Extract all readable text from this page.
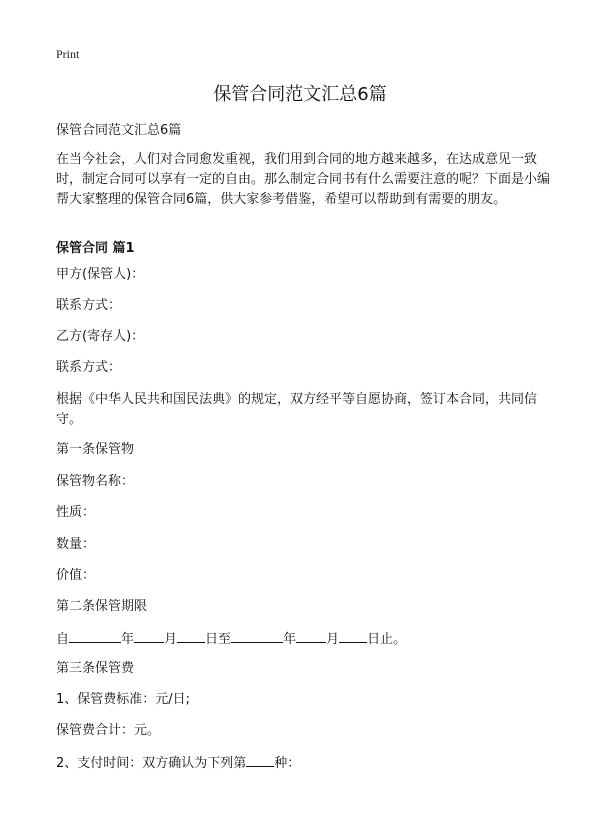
Print
保管合同范文汇总6篇
保管合同范文汇总6篇
在当今社会，人们对合同愈发重视，我们用到合同的地方越来越多，在达成意见一致时，制定合同可以享有一定的自由。那么制定合同书有什么需要注意的呢？下面是小编帮大家整理的保管合同6篇，供大家参考借鉴，希望可以帮助到有需要的朋友。
保管合同 篇1
甲方(保管人)：
联系方式：
乙方(寄存人)：
联系方式：
根据《中华人民共和国民法典》的规定，双方经平等自愿协商，签订本合同，共同信守。
第一条保管物
保管物名称：
性质：
数量：
价值：
第二条保管期限
自	年 月 日至	年 月 日止。
第三条保管费
1、保管费标准：元/日;
保管费合计：元。
2、支付时间：双方确认为下列第 种：
